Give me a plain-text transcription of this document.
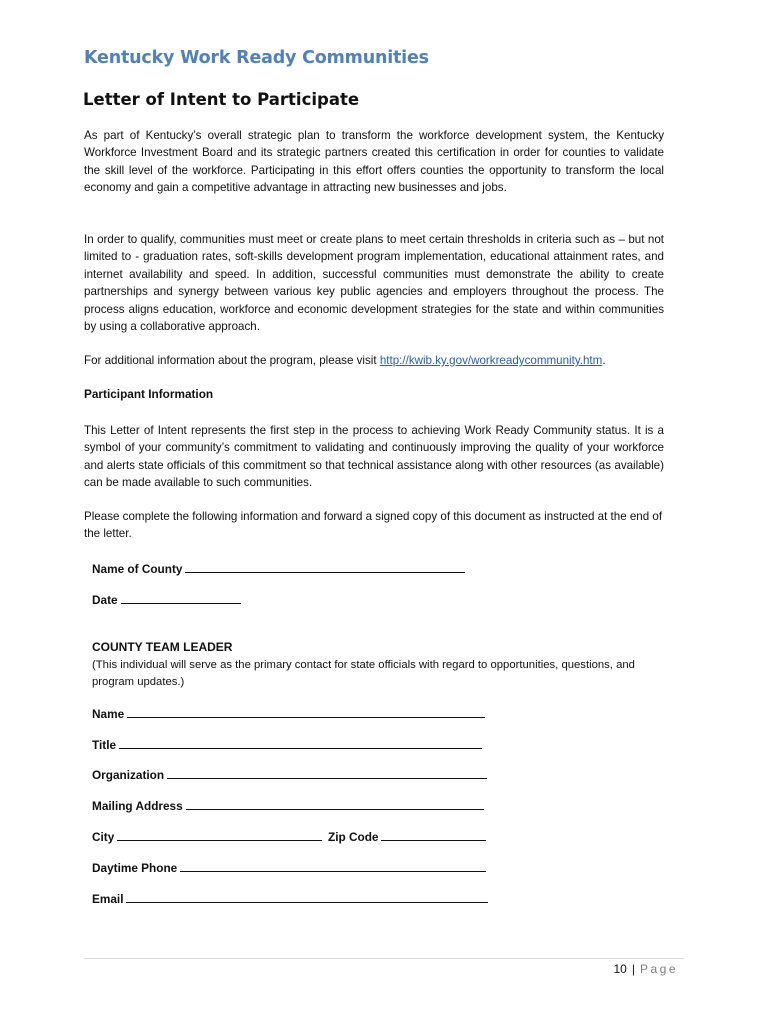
Kentucky Work Ready Communities
Letter of Intent to Participate
As part of Kentucky’s overall strategic plan to transform the workforce development system, the Kentucky Workforce Investment Board and its strategic partners created this certification in order for counties to validate the skill level of the workforce. Participating in this effort offers counties the opportunity to transform the local economy and gain a competitive advantage in attracting new businesses and jobs.
In order to qualify, communities must meet or create plans to meet certain thresholds in criteria such as – but not limited to - graduation rates, soft-skills development program implementation, educational attainment rates, and internet availability and speed. In addition, successful communities must demonstrate the ability to create partnerships and synergy between various key public agencies and employers throughout the process. The process aligns education, workforce and economic development strategies for the state and within communities by using a collaborative approach.
For additional information about the program, please visit http://kwib.ky.gov/workreadycommunity.htm.
Participant Information
This Letter of Intent represents the first step in the process to achieving Work Ready Community status. It is a symbol of your community’s commitment to validating and continuously improving the quality of your workforce and alerts state officials of this commitment so that technical assistance along with other resources (as available) can be made available to such communities.
Please complete the following information and forward a signed copy of this document as instructed at the end of the letter.
Name of County
Date
COUNTY TEAM LEADER
(This individual will serve as the primary contact for state officials with regard to opportunities, questions, and program updates.)
Name
Title
Organization
Mailing Address
City	Zip Code
Daytime Phone
Email
10 | Page
